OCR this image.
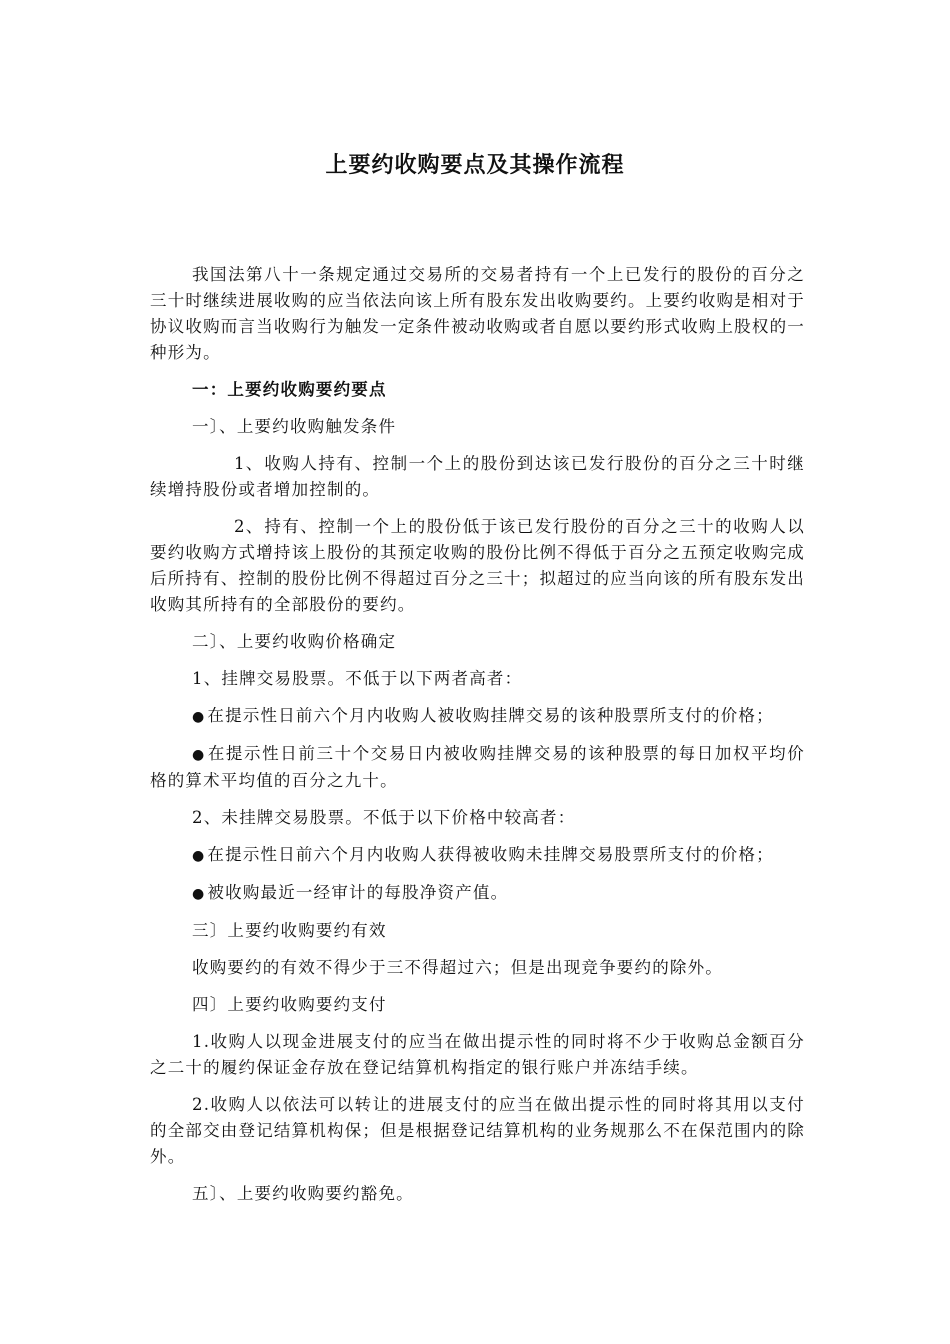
上要约收购要点及其操作流程

我国法第八十一条规定通过交易所的交易者持有一个上已发行的股份的百分之三十时继续进展收购的应当依法向该上所有股东发出收购要约。上要约收购是相对于协议收购而言当收购行为触发一定条件被动收购或者自愿以要约形式收购上股权的一种形为。

一：上要约收购要约要点

一〕、上要约收购触发条件

1、收购人持有、控制一个上的股份到达该已发行股份的百分之三十时继续增持股份或者增加控制的。

2、持有、控制一个上的股份低于该已发行股份的百分之三十的收购人以要约收购方式增持该上股份的其预定收购的股份比例不得低于百分之五预定收购完成后所持有、控制的股份比例不得超过百分之三十；拟超过的应当向该的所有股东发出收购其所持有的全部股份的要约。

二〕、上要约收购价格确定

1、挂牌交易股票。不低于以下两者高者：

● 在提示性日前六个月内收购人被收购挂牌交易的该种股票所支付的价格；

● 在提示性日前三十个交易日内被收购挂牌交易的该种股票的每日加权平均价格的算术平均值的百分之九十。

2、未挂牌交易股票。不低于以下价格中较高者：

● 在提示性日前六个月内收购人获得被收购未挂牌交易股票所支付的价格；

● 被收购最近一经审计的每股净资产值。

三〕上要约收购要约有效

收购要约的有效不得少于三不得超过六；但是出现竞争要约的除外。

四〕上要约收购要约支付

1.收购人以现金进展支付的应当在做出提示性的同时将不少于收购总金额百分之二十的履约保证金存放在登记结算机构指定的银行账户并冻结手续。

2.收购人以依法可以转让的进展支付的应当在做出提示性的同时将其用以支付的全部交由登记结算机构保；但是根据登记结算机构的业务规那么不在保范围内的除外。

五〕、上要约收购要约豁免。
